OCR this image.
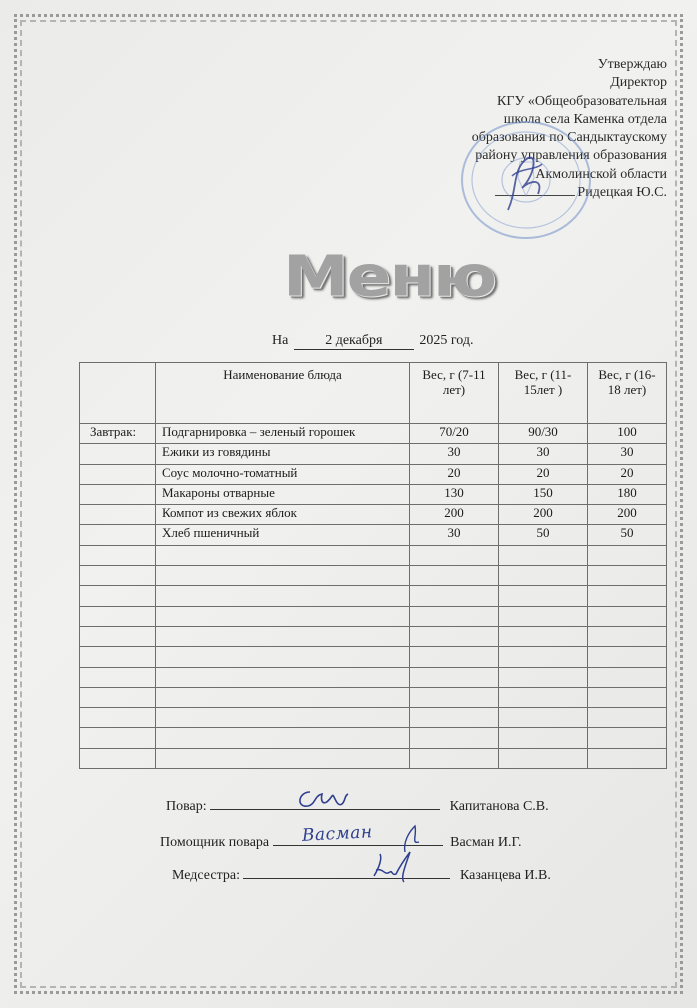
Утверждаю
Директор
КГУ «Общеобразовательная
школа села Каменка отдела
образования по Сандыктаускому
району управления образования
Акмолинской области
Ридецкая Ю.С.
Меню
На	2 декабря	2025 год.
	Наименование блюда	Вес, г (7-11 лет)	Вес, г (11-15лет )	Вес, г (16-18 лет)
Завтрак:	Подгарнировка – зеленый горошек	70/20	90/30	100
	Ежики из говядины	30	30	30
	Соус молочно-томатный	20	20	20
	Макароны отварные	130	150	180
	Компот из свежих яблок	200	200	200
	Хлеб пшеничный	30	50	50

Повар:	Капитанова С.В.
Помощник повара	Васман И.Г.
Васман
Медсестра:	Казанцева И.В.
